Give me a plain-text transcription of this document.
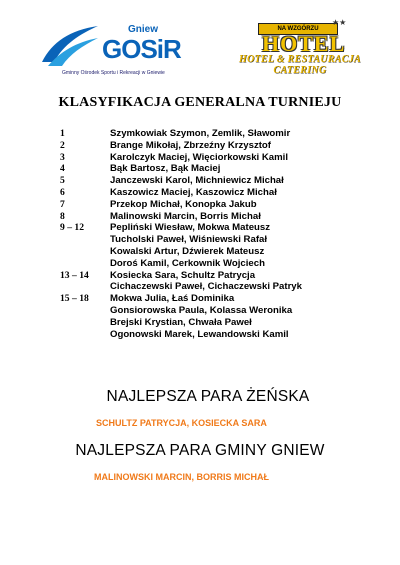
Gniew
GOSiR
Gminny Ośrodek Sportu i Rekreacji w Gniewie
NA WZGÓRZU
★★
HOTEL
HOTEL & RESTAURACJA
CATERING
KLASYFIKACJA GENERALNA TURNIEJU
1	Szymkowiak Szymon, Zemlik, Sławomir
2	Brange Mikołaj, Zbrzeźny Krzysztof
3	Karolczyk Maciej, Więciorkowski Kamil
4	Bąk Bartosz, Bąk Maciej
5	Janczewski Karol, Michniewicz Michał
6	Kaszowicz Maciej, Kaszowicz Michał
7	Przekop Michał, Konopka Jakub
8	Malinowski Marcin, Borris Michał
9 – 12	Pepliński Wiesław, Mokwa Mateusz
Tucholski Paweł, Wiśniewski Rafał
Kowalski Artur, Dźwierek Mateusz
Doroś Kamil, Cerkownik Wojciech
13 – 14	Kosiecka Sara, Schultz Patrycja
Cichaczewski Paweł, Cichaczewski Patryk
15 – 18	Mokwa Julia, Łaś Dominika
Gonsiorowska Paula, Kolassa Weronika
Brejski Krystian, Chwała Paweł
Ogonowski Marek, Lewandowski Kamil
NAJLEPSZA PARA ŻEŃSKA
SCHULTZ PATRYCJA, KOSIECKA SARA
NAJLEPSZA PARA GMINY GNIEW
MALINOWSKI MARCIN, BORRIS MICHAŁ
